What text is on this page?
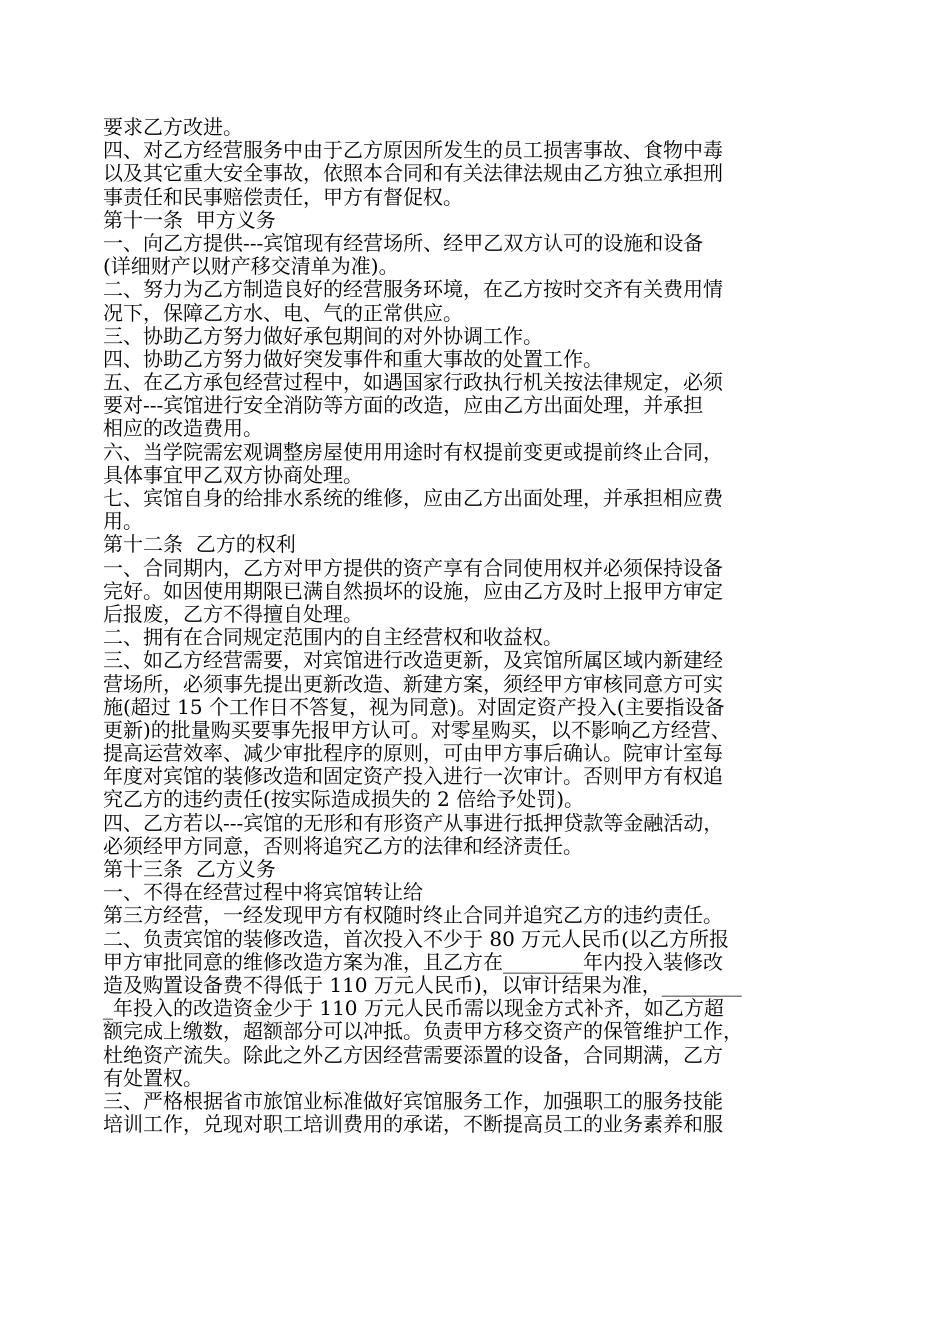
要求乙方改进。
四、对乙方经营服务中由于乙方原因所发生的员工损害事故、食物中毒
以及其它重大安全事故，依照本合同和有关法律法规由乙方独立承担刑
事责任和民事赔偿责任，甲方有督促权。
第十一条  甲方义务
一、向乙方提供---宾馆现有经营场所、经甲乙双方认可的设施和设备
(详细财产以财产移交清单为准)。
二、努力为乙方制造良好的经营服务环境，在乙方按时交齐有关费用情
况下，保障乙方水、电、气的正常供应。
三、协助乙方努力做好承包期间的对外协调工作。
四、协助乙方努力做好突发事件和重大事故的处置工作。
五、在乙方承包经营过程中，如遇国家行政执行机关按法律规定，必须
要对---宾馆进行安全消防等方面的改造，应由乙方出面处理，并承担
相应的改造费用。
六、当学院需宏观调整房屋使用用途时有权提前变更或提前终止合同，
具体事宜甲乙双方协商处理。
七、宾馆自身的给排水系统的维修，应由乙方出面处理，并承担相应费
用。
第十二条  乙方的权利
一、合同期内，乙方对甲方提供的资产享有合同使用权并必须保持设备
完好。如因使用期限已满自然损坏的设施，应由乙方及时上报甲方审定
后报废，乙方不得擅自处理。
二、拥有在合同规定范围内的自主经营权和收益权。
三、如乙方经营需要，对宾馆进行改造更新，及宾馆所属区域内新建经
营场所，必须事先提出更新改造、新建方案，须经甲方审核同意方可实
施(超过 15 个工作日不答复，视为同意)。对固定资产投入(主要指设备
更新)的批量购买要事先报甲方认可。对零星购买，以不影响乙方经营、
提高运营效率、减少审批程序的原则，可由甲方事后确认。院审计室每
年度对宾馆的装修改造和固定资产投入进行一次审计。否则甲方有权追
究乙方的违约责任(按实际造成损失的 2 倍给予处罚)。
四、乙方若以---宾馆的无形和有形资产从事进行抵押贷款等金融活动，
必须经甲方同意，否则将追究乙方的法律和经济责任。
第十三条  乙方义务
一、不得在经营过程中将宾馆转让给
第三方经营，一经发现甲方有权随时终止合同并追究乙方的违约责任。
二、负责宾馆的装修改造，首次投入不少于 80 万元人民币(以乙方所报
甲方审批同意的维修改造方案为准，且乙方在________年内投入装修改
造及购置设备费不得低于 110 万元人民币)，以审计结果为准，________
_年投入的改造资金少于 110 万元人民币需以现金方式补齐，如乙方超
额完成上缴数，超额部分可以冲抵。负责甲方移交资产的保管维护工作，
杜绝资产流失。除此之外乙方因经营需要添置的设备，合同期满，乙方
有处置权。
三、严格根据省市旅馆业标准做好宾馆服务工作，加强职工的服务技能
培训工作，兑现对职工培训费用的承诺，不断提高员工的业务素养和服
